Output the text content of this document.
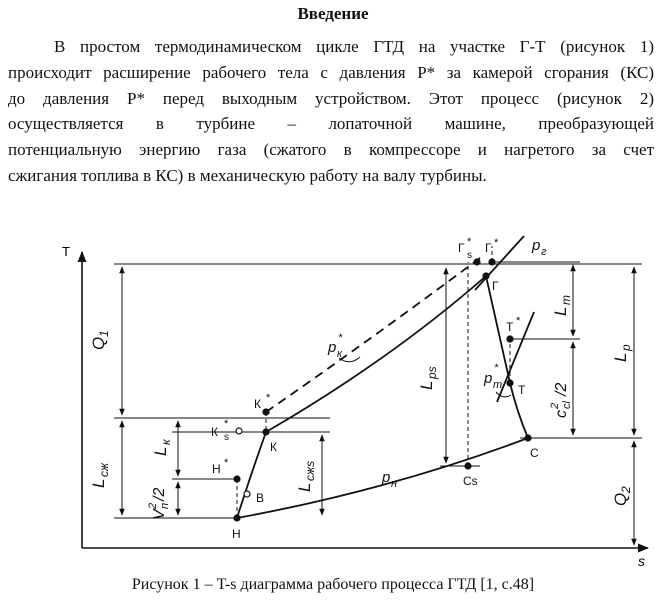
Введение
В простом термодинамическом цикле ГТД на участке Г-Т (рисунок 1)
происходит расширение рабочего тела с давления Р* за камерой сгорания (КС)
до давления Р* перед выходным устройством. Этот процесс (рисунок 2)
осуществляется в турбине – лопаточной машине, преобразующей
потенциальную энергию газа (сжатого в компрессоре и нагретого за счет
сжигания топлива в КС) в механическую работу на валу турбины.
T
s
Н
В
Н *
К
К *
К
*
s
Г
Г *
Г *
s
Т
Т *
С
Сs
Q
1
L
сж
L
к
V
2 п
/2
L
сжs
L
рs
L
т
L
р
Q
2
c
2 сl
/2
р к
*
р т
*
р г
р н
Рисунок 1 – T-s диаграмма рабочего процесса ГТД [1, с.48]
